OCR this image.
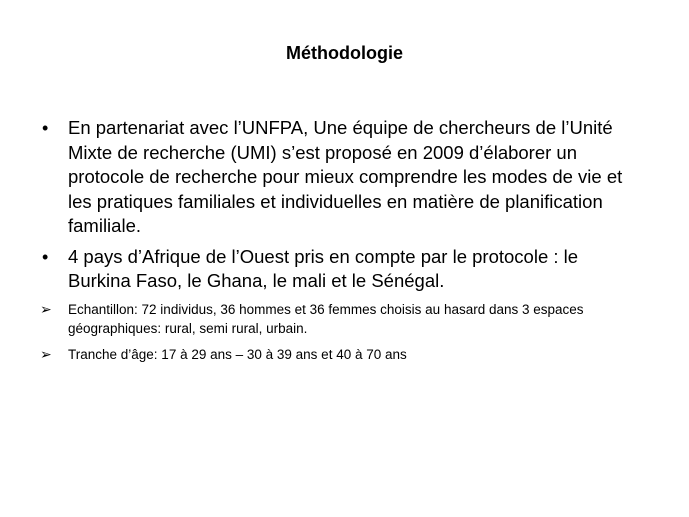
Méthodologie
• En partenariat avec l’UNFPA, Une équipe de chercheurs de l’Unité Mixte de recherche (UMI) s’est proposé en 2009 d’élaborer un protocole de recherche pour mieux comprendre les modes de vie et les pratiques familiales et individuelles en matière de planification familiale.
• 4 pays d’Afrique de l’Ouest pris en compte par le protocole : le Burkina Faso, le Ghana, le mali et le Sénégal.
➢ Echantillon: 72 individus, 36 hommes et 36 femmes choisis au hasard dans 3 espaces géographiques: rural, semi rural, urbain.
➢ Tranche d’âge: 17 à 29 ans – 30 à 39 ans et 40 à 70 ans
